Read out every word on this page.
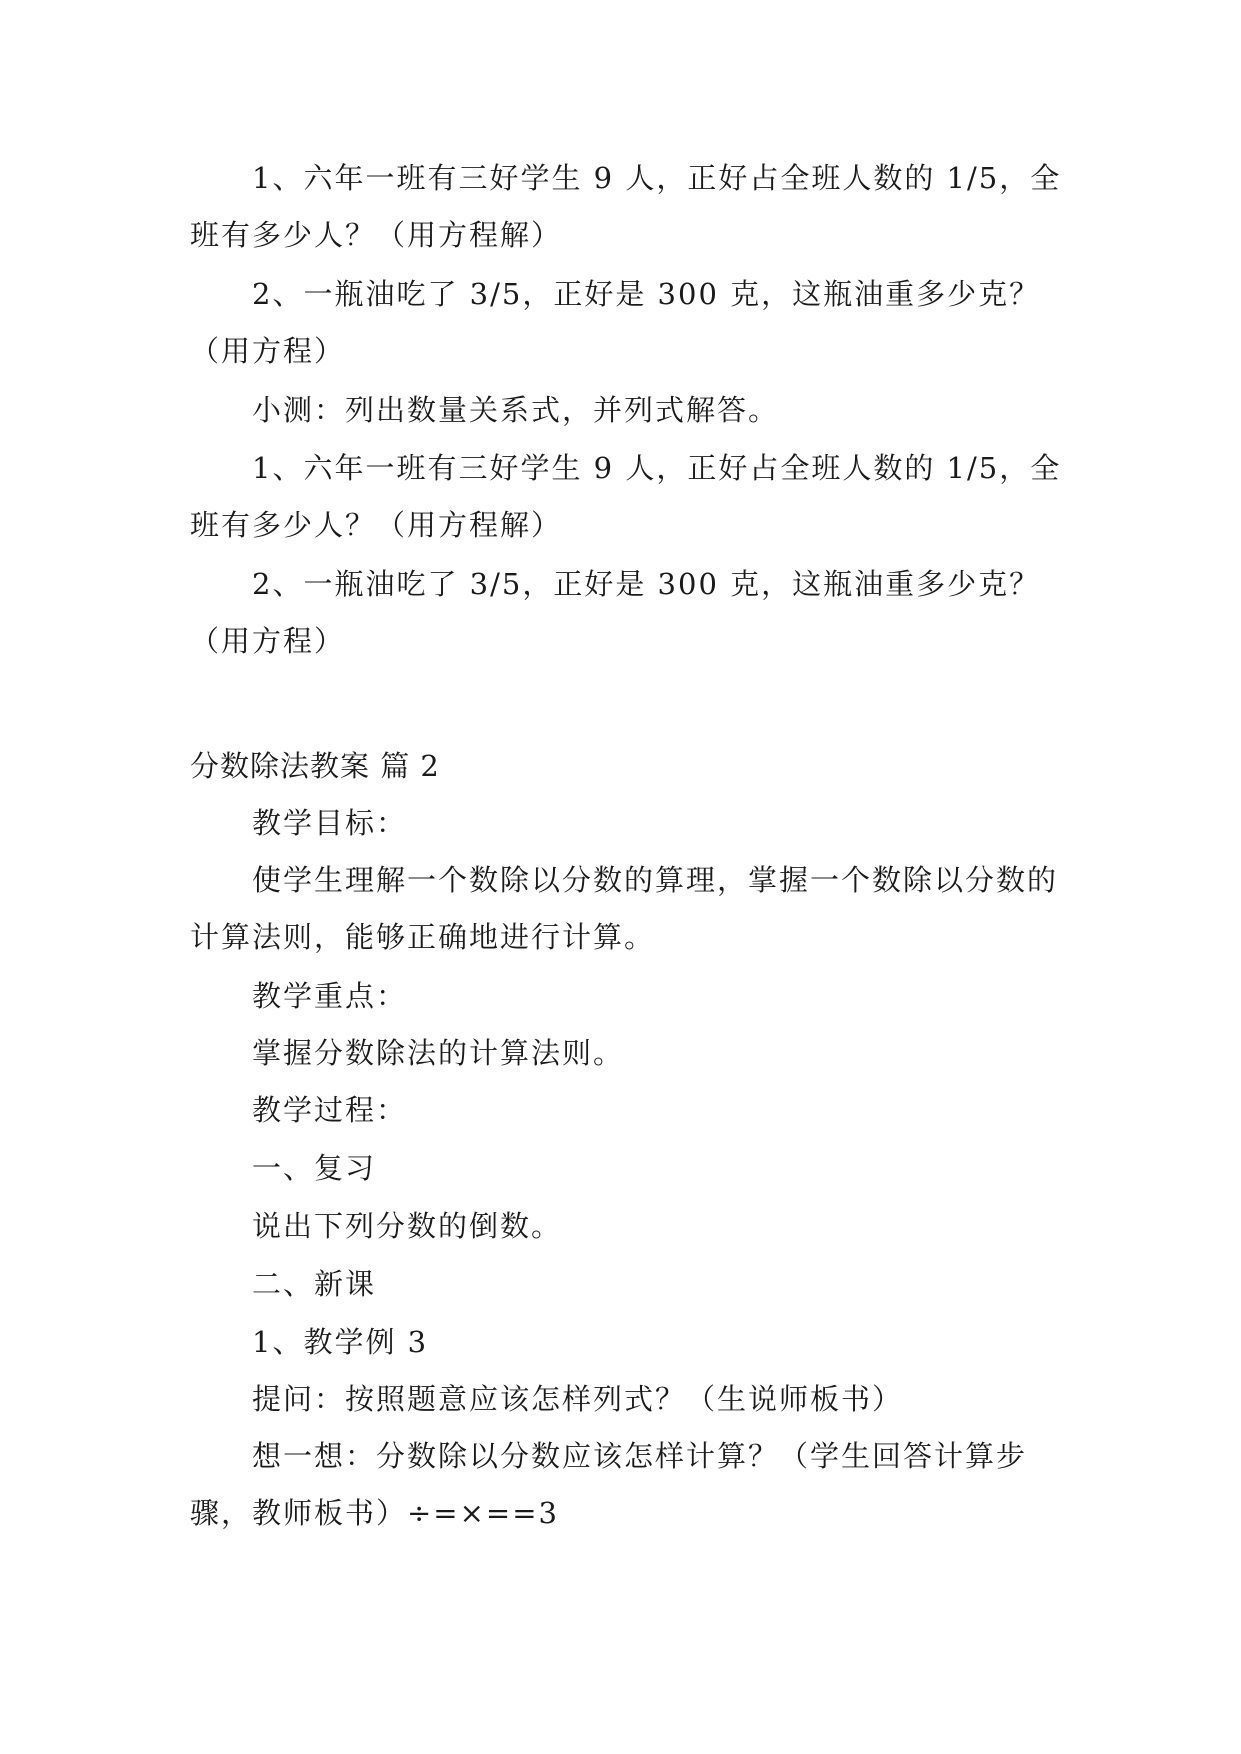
1、六年一班有三好学生 9 人，正好占全班人数的 1/5，全班有多少人？（用方程解）

2、一瓶油吃了 3/5，正好是 300 克，这瓶油重多少克？（用方程）

小测：列出数量关系式，并列式解答。

1、六年一班有三好学生 9 人，正好占全班人数的 1/5，全班有多少人？（用方程解）

2、一瓶油吃了 3/5，正好是 300 克，这瓶油重多少克？（用方程）

分数除法教案 篇 2

教学目标：

使学生理解一个数除以分数的算理，掌握一个数除以分数的计算法则，能够正确地进行计算。

教学重点：

掌握分数除法的计算法则。

教学过程：

一、复习

说出下列分数的倒数。

二、新课

1、教学例 3

提问：按照题意应该怎样列式？（生说师板书）

想一想：分数除以分数应该怎样计算？（学生回答计算步骤，教师板书）÷=×==3
